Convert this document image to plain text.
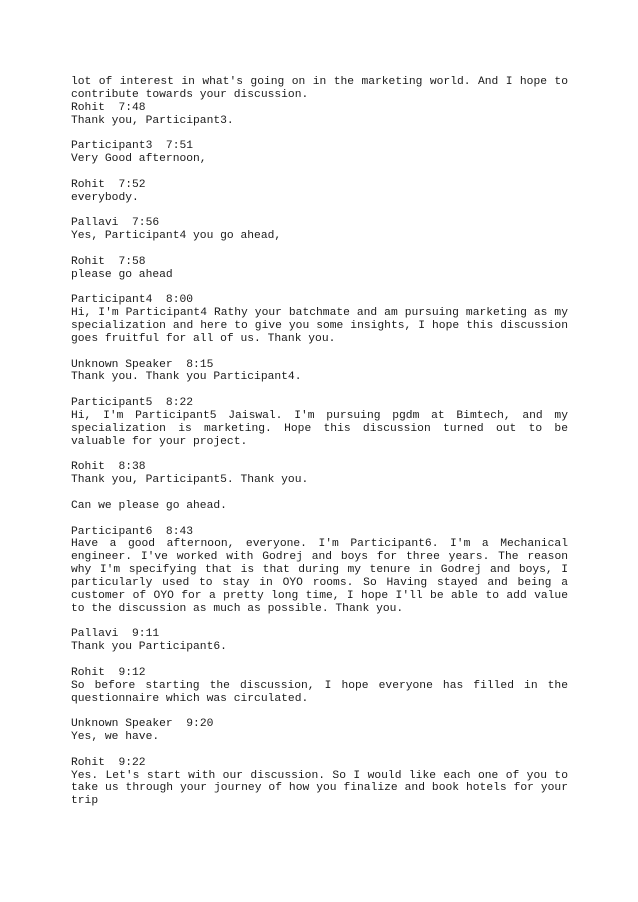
lot of interest in what's going on in the marketing world. And I hope to contribute towards your discussion.

Rohit 7:48

Thank you, Participant3.

Participant3 7:51

Very Good afternoon,

Rohit 7:52

everybody.

Pallavi 7:56

Yes, Participant4 you go ahead,

Rohit 7:58

please go ahead

Participant4 8:00

Hi, I'm Participant4 Rathy your batchmate and am pursuing marketing as my specialization and here to give you some insights, I hope this discussion goes fruitful for all of us. Thank you.

Unknown Speaker 8:15

Thank you. Thank you Participant4.

Participant5 8:22

Hi, I'm Participant5 Jaiswal. I'm pursuing pgdm at Bimtech, and my specialization is marketing. Hope this discussion turned out to be valuable for your project.

Rohit 8:38

Thank you, Participant5. Thank you.

Can we please go ahead.

Participant6 8:43

Have a good afternoon, everyone. I'm Participant6. I'm a Mechanical engineer. I've worked with Godrej and boys for three years. The reason why I'm specifying that is that during my tenure in Godrej and boys, I particularly used to stay in OYO rooms. So Having stayed and being a customer of OYO for a pretty long time, I hope I'll be able to add value to the discussion as much as possible. Thank you.

Pallavi 9:11

Thank you Participant6.

Rohit 9:12

So before starting the discussion, I hope everyone has filled in the questionnaire which was circulated.

Unknown Speaker 9:20

Yes, we have.

Rohit 9:22

Yes. Let's start with our discussion. So I would like each one of you to take us through your journey of how you finalize and book hotels for your trip
